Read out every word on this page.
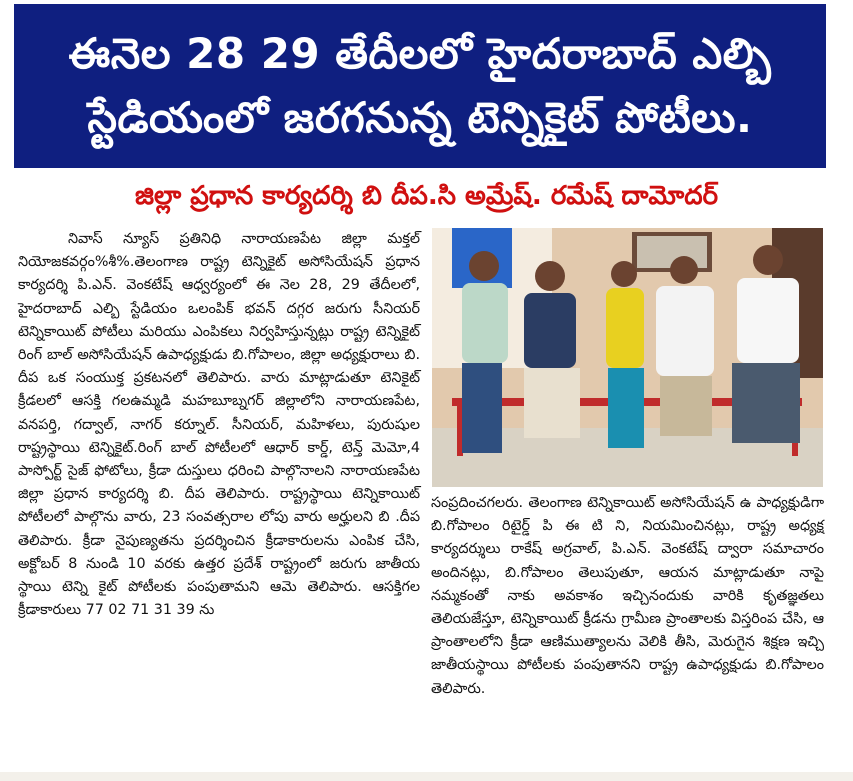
ఈనెల 28 29 తేదీలలో హైదరాబాద్ ఎల్బి
స్టేడియంలో జరగనున్న టెన్నికైట్ పోటీలు.
జిల్లా ప్రధాన కార్యదర్శి బి దీప.సి అమ్రేష్. రమేష్ దామోదర్

నివాస్ న్యూస్ ప్రతినిధి నారాయణపేట జిల్లా మక్తల్ నియోజకవర్గం%శీ%.తెలంగాణ రాష్ట్ర టెన్నికైట్ అసోసియేషన్ ప్రధాన కార్యదర్శి పి.ఎన్. వెంకటేష్ ఆధ్వర్యంలో ఈ నెల 28, 29 తేదీలలో, హైదరాబాద్ ఎల్బి స్టేడియం ఒలంపిక్ భవన్ దగ్గర జరుగు సీనియర్ టెన్నికాయిట్ పోటీలు మరియు ఎంపికలు నిర్వహిస్తున్నట్లు రాష్ట్ర టెన్నికైట్ రింగ్ బాల్ అసోసియేషన్ ఉపాధ్యక్షుడు బి.గోపాలం, జిల్లా అధ్యక్షురాలు బి. దీప ఒక సంయుక్త ప్రకటనలో తెలిపారు. వారు మాట్లాడుతూ టెనికైట్ క్రీడలలో ఆసక్తి గలఉమ్మడి మహబూబ్నగర్ జిల్లాలోని నారాయణపేట, వనపర్తి, గద్వాల్, నాగర్ కర్నూల్. సీనియర్, మహిళలు, పురుషుల రాష్ట్రస్థాయి టెన్నికైట్.రింగ్ బాల్ పోటీలలో ఆధార్ కార్డ్, టెన్త్ మెమో,4 పాస్పోర్ట్ సైజ్ ఫోటోలు, క్రీడా దుస్తులు ధరించి పాల్గొనాలని నారాయణపేట జిల్లా ప్రధాన కార్యదర్శి బి. దీప తెలిపారు. రాష్ట్రస్థాయి టెన్నికాయిట్ పోటీలలో పాల్గొను వారు, 23 సంవత్సరాల లోపు వారు అర్హులని బి .దీప తెలిపారు. క్రీడా నైపుణ్యతను ప్రదర్శించిన క్రీడాకారులను ఎంపిక చేసి, అక్టోబర్ 8 నుండి 10 వరకు ఉత్తర ప్రదేశ్ రాష్ట్రంలో జరుగు జాతీయ స్థాయి టెన్ని కైట్ పోటీలకు పంపుతామని ఆమె తెలిపారు. ఆసక్తిగల క్రీడాకారులు 77 02 71 31 39 ను

సంప్రదించగలరు. తెలంగాణ టెన్నికాయిట్ అసోసియేషన్ ఉ పాధ్యక్షుడిగా బి.గోపాలం రిటైర్డ్ పి ఈ టి ని, నియమించినట్లు, రాష్ట్ర అధ్యక్ష కార్యదర్శులు రాకేష్ అగ్రవాల్, పి.ఎన్. వెంకటేష్ ద్వారా సమాచారం అందినట్లు, బి.గోపాలం తెలుపుతూ, ఆయన మాట్లాడుతూ నాపై నమ్మకంతో నాకు అవకాశం ఇచ్చినందుకు వారికి కృతజ్ఞతలు తెలియజేస్తూ, టెన్నికాయిట్ క్రీడను గ్రామీణ ప్రాంతాలకు విస్తరింప చేసి, ఆ ప్రాంతాలలోని క్రీడా ఆణిముత్యాలను వెలికి తీసి, మెరుగైన శిక్షణ ఇచ్చి జాతీయస్థాయి పోటీలకు పంపుతానని రాష్ట్ర ఉపాధ్యక్షుడు బి.గోపాలం తెలిపారు.
